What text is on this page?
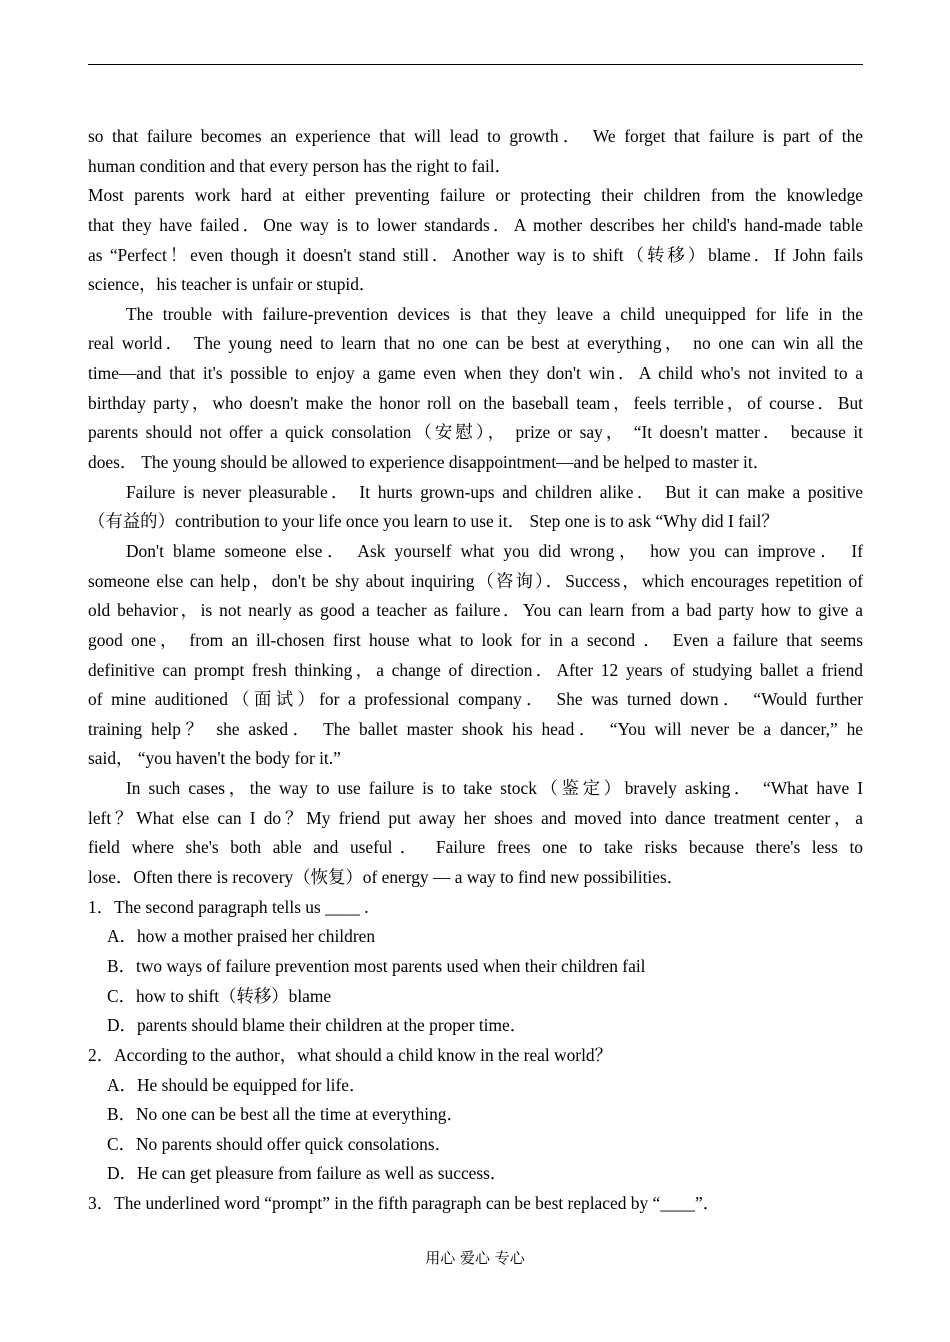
so that failure becomes an experience that will lead to growth． We forget that failure is part of the
human condition and that every person has the right to fail．
Most parents work hard at either preventing failure or protecting their children from the knowledge
that they have failed．One way is to lower standards．A mother describes her child's hand-made table
as “Perfect！even though it doesn't stand still．Another way is to shift（转移）blame．If John fails
science，his teacher is unfair or stupid．
The trouble with failure-prevention devices is that they leave a child unequipped for life in the
real world． The young need to learn that no one can be best at everything， no one can win all the
time—and that it's possible to enjoy a game even when they don't win．A child who's not invited to a
birthday party，who doesn't make the honor roll on the baseball team，feels terrible，of course．But
parents should not offer a quick consolation（安慰）， prize or say， “It doesn't matter． because it
does． The young should be allowed to experience disappointment—and be helped to master it．
Failure is never pleasurable． It hurts grown-ups and children alike． But it can make a positive
（有益的）contribution to your life once you learn to use it． Step one is to ask “Why did I fail？
Don't blame someone else． Ask yourself what you did wrong， how you can improve． If
someone else can help，don't be shy about inquiring（咨询）．Success，which encourages repetition of
old behavior，is not nearly as good a teacher as failure．You can learn from a bad party how to give a
good one， from an ill-chosen first house what to look for in a second ． Even a failure that seems
definitive can prompt fresh thinking，a change of direction．After 12 years of studying ballet a friend
of mine auditioned（面试）for a professional company． She was turned down． “Would further
training help？ she asked． The ballet master shook his head． “You will never be a dancer,” he
said， “you haven't the body for it.”
In such cases，the way to use failure is to take stock（鉴定）bravely asking． “What have I
left？What else can I do？My friend put away her shoes and moved into dance treatment center，a
field where she's both able and useful． Failure frees one to take risks because there's less to
lose．Often there is recovery（恢复）of energy — a way to find new possibilities．
1．The second paragraph tells us ____ .
A．how a mother praised her children
B．two ways of failure prevention most parents used when their children fail
C．how to shift（转移）blame
D．parents should blame their children at the proper time．
2．According to the author，what should a child know in the real world？
A．He should be equipped for life．
B．No one can be best all the time at everything．
C．No parents should offer quick consolations．
D．He can get pleasure from failure as well as success．
3．The underlined word “prompt” in the fifth paragraph can be best replaced by “____”．
用心 爱心 专心
